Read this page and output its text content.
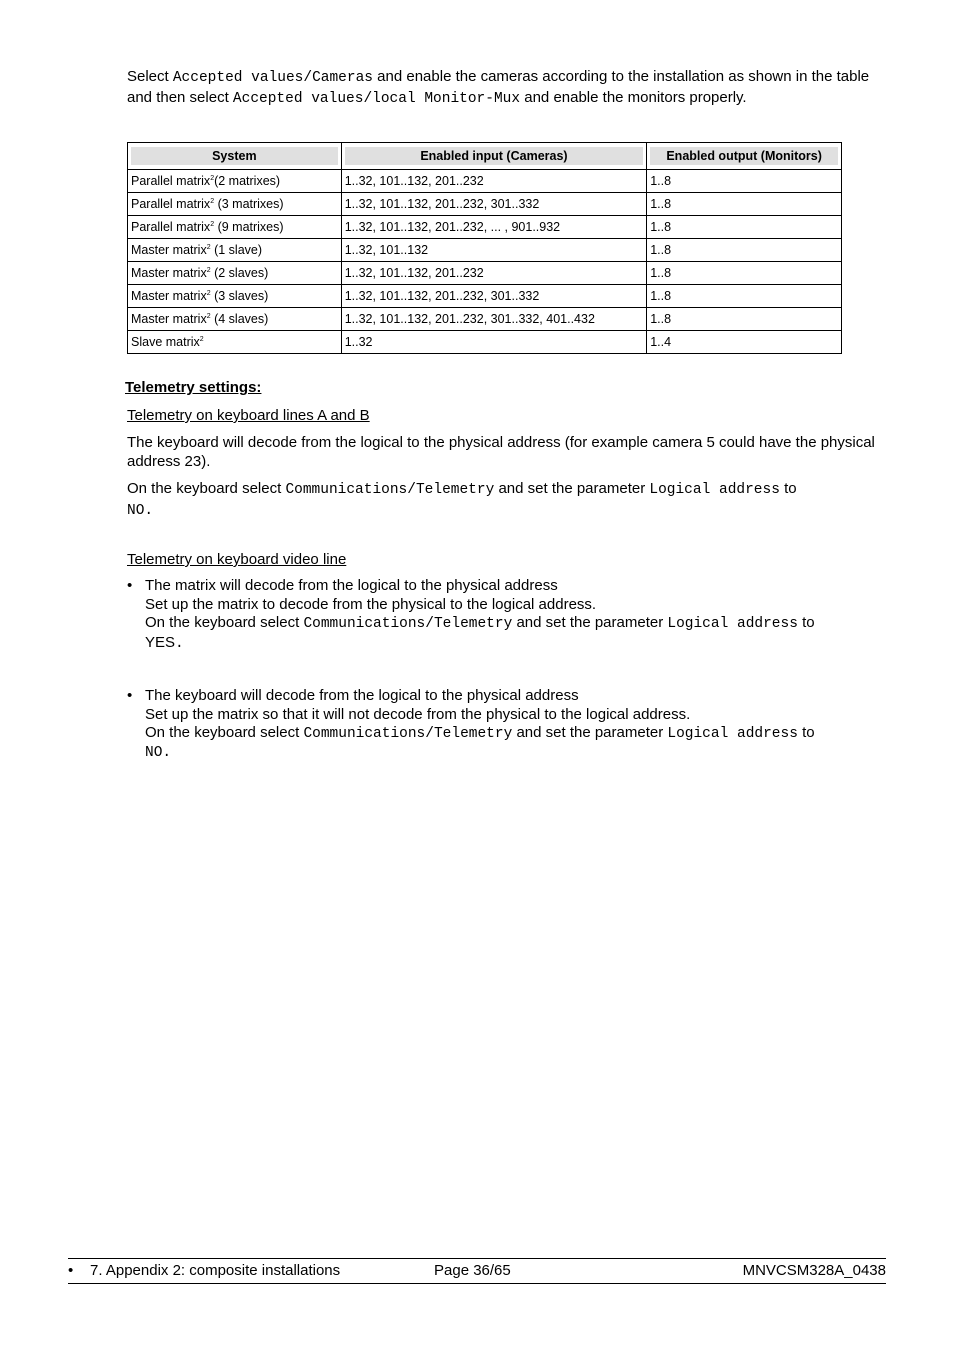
Select Accepted values/Cameras and enable the cameras according to the installation as shown in the table and then select Accepted values/local Monitor-Mux and enable the monitors properly.

System	Enabled input (Cameras)	Enabled output (Monitors)

Parallel matrix$^2$(2 matrixes)	1..32, 101..132, 201..232	1..8
Parallel matrix$^2$ (3 matrixes)	1..32, 101..132, 201..232, 301..332	1..8
Parallel matrix$^2$ (9 matrixes)	1..32, 101..132, 201..232, ... , 901..932	1..8
Master matrix$^2$ (1 slave)	1..32, 101..132	1..8
Master matrix$^2$ (2 slaves)	1..32, 101..132, 201..232	1..8
Master matrix$^2$ (3 slaves)	1..32, 101..132, 201..232, 301..332	1..8
Master matrix$^2$ (4 slaves)	1..32, 101..132, 201..232, 301..332, 401..432	1..8
Slave matrix$^2$	1..32	1..4
Telemetry settings:
Telemetry on keyboard lines A and B

The keyboard will decode from the logical to the physical address (for example camera 5 could have the physical address 23).

On the keyboard select Communications/Telemetry and set the parameter Logical address to
NO.

Telemetry on keyboard video line
• The matrix will decode from the logical to the physical address
Set up the matrix to decode from the physical to the logical address.
On the keyboard select Communications/Telemetry and set the parameter Logical address to
YES.
• The keyboard will decode from the logical to the physical address
Set up the matrix so that it will not decode from the physical to the logical address.
On the keyboard select Communications/Telemetry and set the parameter Logical address to
NO.
• 7. Appendix 2: composite installations	Page 36/65	MNVCSM328A_0438
